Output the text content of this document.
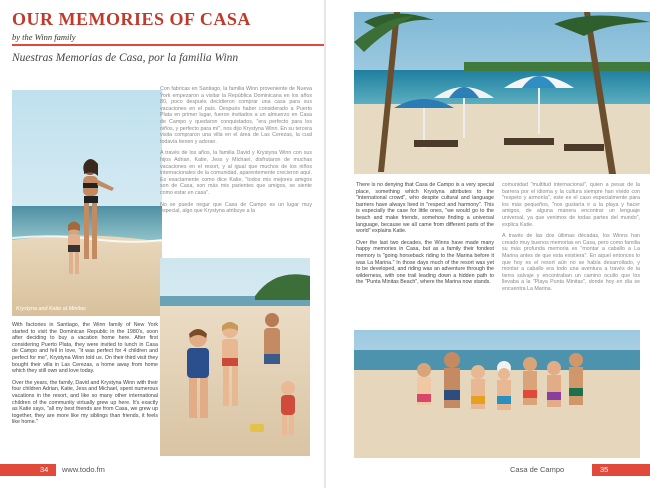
OUR MEMORIES OF CASA
by the Winn family
Nuestras Memorias de Casa, por la familia Winn
Krystyna and Katie at Minitas

Con fabricas en Santiago, la familia Winn proveniente de Nueva York empezaron a visitar la República Dominicana en los años 80, poco después decidieron comprar una casa para sus vacaciones en el país. Después haber considerado a Puerto Plata en primer lugar, fueron invitados a un almuerzo en Casa de Campo y quedaron conquistados, "era perfecto para los niños, y perfecto para mí", nos dijo Krystyna Winn. En su tercera visita compraron una villa en el área de Las Cerezas, la cual todavía tienen y adoran.

A través de los años, la familia David y Krystyna Winn con sus hijos Adrian, Katie, Jess y Michael, disfrutaron de muchas vacaciones en el resort, y al igual que muchos de los niños internacionales de la comunidad, aparentemente crecieron aquí. Es exactamente como dice Katie, "todos mis mejores amigos son de Casa, son más mis parientes que amigos, se siente como estar en casa".

No se puede negar que Casa de Campo es un lugar muy especial, algo que Krystyna atribuye a la

With factories in Santiago, the Winn family of New York started to visit the Dominican Republic in the 1980's, soon after deciding to buy a vacation home here. After first considering Puerto Plata, they were invited to lunch in Casa de Campo and fell in love, "it was perfect for 4 children and perfect for me", Krystyna Winn told us. On their third visit they bought their villa in Las Cerezas, a home away from home which they still own and love today.

Over the years, the family, David and Krystyna Winn with their four children Adrian, Katie, Jess and Michael, spent numerous vacations in the resort, and like so many other international children of the community virtually grew up here. It's exactly as Katie says, "all my best friends are from Casa, we grew up together, they are more like my siblings than friends, it feels like home."

34	www.todo.fm

There is no denying that Casa de Campo is a very special place, something which Krystyna attributes to the "international crowd", who despite cultural and language barriers have always lived in "respect and harmony". This is especially the case for little ones, "we would go to the beach and make friends, somehow finding a universal language, because we all came from different parts of the world" explains Katie.

Over the last two decades, the Winns have made many happy memories in Casa, but as a family their fondest memory is "going horseback riding to the Marina before it was La Marina." In those days much of the resort was yet to be developed, and riding was an adventure through the wilderness, with one trail leading down a hidden path to the "Punta Minitas Beach", where the Marina now stands.

comunidad "multitud internacional", quien a pesar de la barrera por el idioma y la cultura siempre han vivido con "respeto y armonía", este es el caso especialmente para los más pequeños, "nos gustaría ir a la playa y hacer amigos, de alguna manera encontrar un lenguaje universal, ya que venimos de todas partes del mundo", explica Katie.

A través de las dos últimas décadas, los Winns han creado muy buenos memorias en Casa, pero como familia su más profunda memoria es "montar a caballo a La Marina antes de que esta existiera". En aquel entonces lo que hoy es el resort aún no se había desarrollado, y montar a caballo era todo una aventura a través de la tierra salvaje y encontraban un camino oculto que los llevaba a la "Playa Punta Minitas", donde hoy en día se encuentra La Marina.

Casa de Campo	35
